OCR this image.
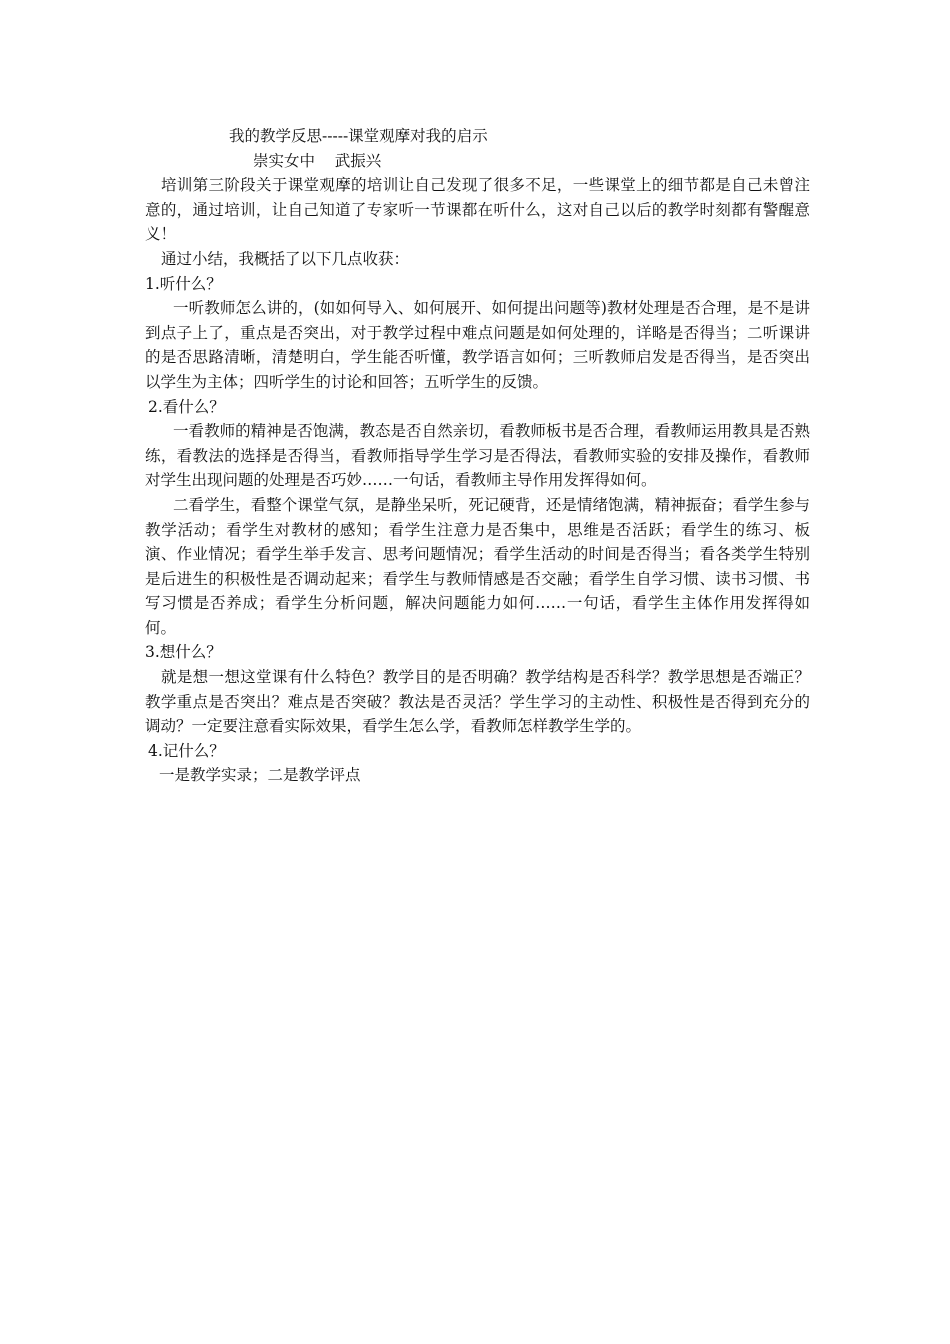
我的教学反思-----课堂观摩对我的启示
崇实女中    武振兴

培训第三阶段关于课堂观摩的培训让自己发现了很多不足，一些课堂上的细节都是自己未曾注意的，通过培训，让自己知道了专家听一节课都在听什么，这对自己以后的教学时刻都有警醒意义！

通过小结，我概括了以下几点收获：

1.听什么？

一听教师怎么讲的，(如如何导入、如何展开、如何提出问题等)教材处理是否合理，是不是讲到点子上了，重点是否突出，对于教学过程中难点问题是如何处理的，详略是否得当；二听课讲的是否思路清晰，清楚明白，学生能否听懂，教学语言如何；三听教师启发是否得当，是否突出以学生为主体；四听学生的讨论和回答；五听学生的反馈。

2.看什么？

一看教师的精神是否饱满，教态是否自然亲切，看教师板书是否合理，看教师运用教具是否熟练，看教法的选择是否得当，看教师指导学生学习是否得法，看教师实验的安排及操作，看教师对学生出现问题的处理是否巧妙……一句话，看教师主导作用发挥得如何。

二看学生，看整个课堂气氛，是静坐呆听，死记硬背，还是情绪饱满，精神振奋；看学生参与教学活动；看学生对教材的感知；看学生注意力是否集中，思维是否活跃；看学生的练习、板演、作业情况；看学生举手发言、思考问题情况；看学生活动的时间是否得当；看各类学生特别是后进生的积极性是否调动起来；看学生与教师情感是否交融；看学生自学习惯、读书习惯、书写习惯是否养成；看学生分析问题，解决问题能力如何……一句话，看学生主体作用发挥得如何。

3.想什么？

就是想一想这堂课有什么特色？教学目的是否明确？教学结构是否科学？教学思想是否端正？教学重点是否突出？难点是否突破？教法是否灵活？学生学习的主动性、积极性是否得到充分的调动？一定要注意看实际效果，看学生怎么学，看教师怎样教学生学的。

4.记什么？

一是教学实录；二是教学评点
